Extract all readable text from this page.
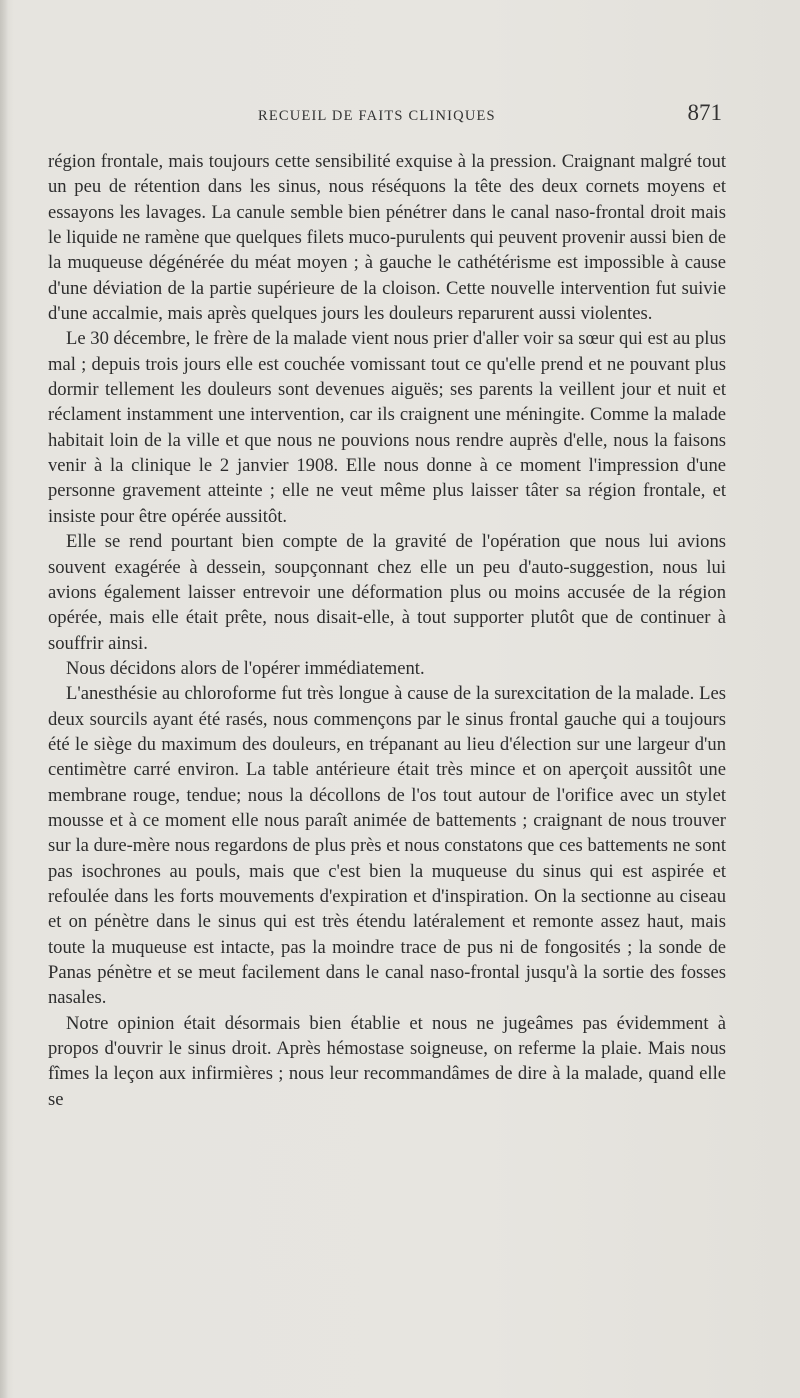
RECUEIL DE FAITS CLINIQUES	871

région frontale, mais toujours cette sensibilité exquise à la pression. Craignant malgré tout un peu de rétention dans les sinus, nous réséquons la tête des deux cornets moyens et essayons les lavages. La canule semble bien pénétrer dans le canal naso-frontal droit mais le liquide ne ramène que quelques filets muco-purulents qui peuvent provenir aussi bien de la muqueuse dégénérée du méat moyen ; à gauche le cathétérisme est impossible à cause d'une déviation de la partie supérieure de la cloison. Cette nouvelle intervention fut suivie d'une accalmie, mais après quelques jours les douleurs reparurent aussi violentes.

Le 30 décembre, le frère de la malade vient nous prier d'aller voir sa sœur qui est au plus mal ; depuis trois jours elle est couchée vomissant tout ce qu'elle prend et ne pouvant plus dormir tellement les douleurs sont devenues aiguës; ses parents la veillent jour et nuit et réclament instamment une intervention, car ils craignent une méningite. Comme la malade habitait loin de la ville et que nous ne pouvions nous rendre auprès d'elle, nous la faisons venir à la clinique le 2 janvier 1908. Elle nous donne à ce moment l'impression d'une personne gravement atteinte ; elle ne veut même plus laisser tâter sa région frontale, et insiste pour être opérée aussitôt.

Elle se rend pourtant bien compte de la gravité de l'opération que nous lui avions souvent exagérée à dessein, soupçonnant chez elle un peu d'auto-suggestion, nous lui avions également laisser entrevoir une déformation plus ou moins accusée de la région opérée, mais elle était prête, nous disait-elle, à tout supporter plutôt que de continuer à souffrir ainsi.

Nous décidons alors de l'opérer immédiatement.

L'anesthésie au chloroforme fut très longue à cause de la surexcitation de la malade. Les deux sourcils ayant été rasés, nous commençons par le sinus frontal gauche qui a toujours été le siège du maximum des douleurs, en trépanant au lieu d'élection sur une largeur d'un centimètre carré environ. La table antérieure était très mince et on aperçoit aussitôt une membrane rouge, tendue; nous la décollons de l'os tout autour de l'orifice avec un stylet mousse et à ce moment elle nous paraît animée de battements ; craignant de nous trouver sur la dure-mère nous regardons de plus près et nous constatons que ces battements ne sont pas isochrones au pouls, mais que c'est bien la muqueuse du sinus qui est aspirée et refoulée dans les forts mouvements d'expiration et d'inspiration. On la sectionne au ciseau et on pénètre dans le sinus qui est très étendu latéralement et remonte assez haut, mais toute la muqueuse est intacte, pas la moindre trace de pus ni de fongosités ; la sonde de Panas pénètre et se meut facilement dans le canal naso-frontal jusqu'à la sortie des fosses nasales.

Notre opinion était désormais bien établie et nous ne jugeâmes pas évidemment à propos d'ouvrir le sinus droit. Après hémostase soigneuse, on referme la plaie. Mais nous fîmes la leçon aux infirmières ; nous leur recommandâmes de dire à la malade, quand elle se
